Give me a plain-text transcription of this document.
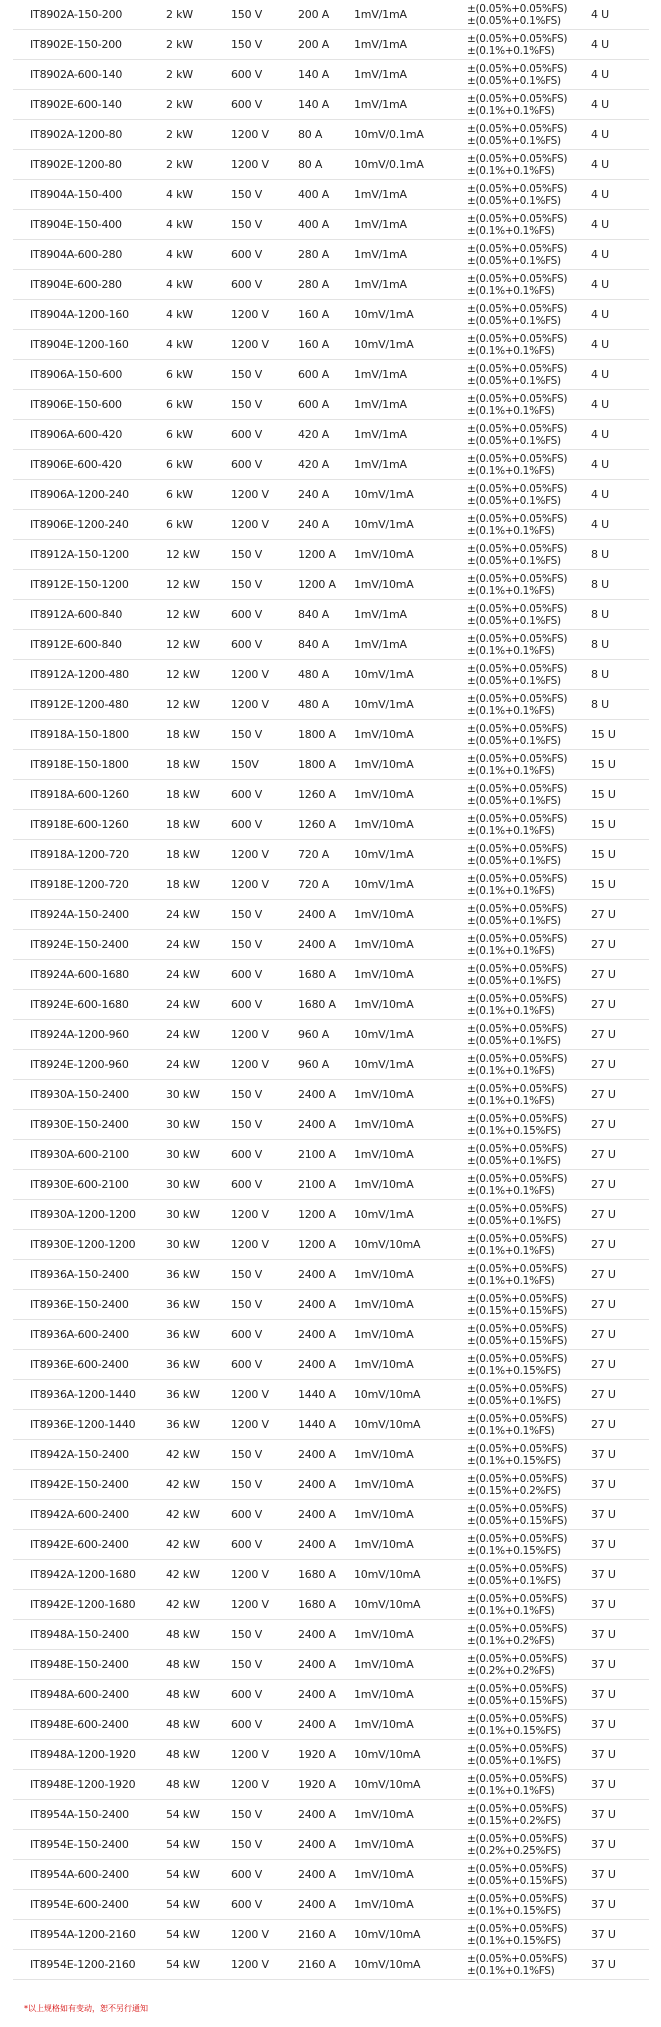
IT8902A-150-200	2 kW	150 V	200 A 1mV/1mA	±(0.05%+0.05%FS)
±(0.05%+0.1%FS)	4 U
IT8902E-150-200	2 kW	150 V	200 A 1mV/1mA	±(0.05%+0.05%FS)
±(0.1%+0.1%FS)	4 U
IT8902A-600-140	2 kW	600 V	140 A 1mV/1mA	±(0.05%+0.05%FS)
±(0.05%+0.1%FS)	4 U
IT8902E-600-140	2 kW	600 V	140 A 1mV/1mA	±(0.05%+0.05%FS)
±(0.1%+0.1%FS)	4 U
IT8902A-1200-80	2 kW	1200 V	80 A	10mV/0.1mA	±(0.05%+0.05%FS)
±(0.05%+0.1%FS)	4 U
IT8902E-1200-80	2 kW	1200 V	80 A	10mV/0.1mA	±(0.05%+0.05%FS)
±(0.1%+0.1%FS)	4 U
IT8904A-150-400	4 kW	150 V	400 A 1mV/1mA	±(0.05%+0.05%FS)
±(0.05%+0.1%FS)	4 U
IT8904E-150-400	4 kW	150 V	400 A 1mV/1mA	±(0.05%+0.05%FS)
±(0.1%+0.1%FS)	4 U
IT8904A-600-280	4 kW	600 V	280 A 1mV/1mA	±(0.05%+0.05%FS)
±(0.05%+0.1%FS)	4 U
IT8904E-600-280	4 kW	600 V	280 A 1mV/1mA	±(0.05%+0.05%FS)
±(0.1%+0.1%FS)	4 U
IT8904A-1200-160	4 kW	1200 V	160 A 10mV/1mA	±(0.05%+0.05%FS)
±(0.05%+0.1%FS)	4 U
IT8904E-1200-160	4 kW	1200 V	160 A 10mV/1mA	±(0.05%+0.05%FS)
±(0.1%+0.1%FS)	4 U
IT8906A-150-600	6 kW	150 V	600 A 1mV/1mA	±(0.05%+0.05%FS)
±(0.05%+0.1%FS)	4 U
IT8906E-150-600	6 kW	150 V	600 A 1mV/1mA	±(0.05%+0.05%FS)
±(0.1%+0.1%FS)	4 U
IT8906A-600-420	6 kW	600 V	420 A 1mV/1mA	±(0.05%+0.05%FS)
±(0.05%+0.1%FS)	4 U
IT8906E-600-420	6 kW	600 V	420 A 1mV/1mA	±(0.05%+0.05%FS)
±(0.1%+0.1%FS)	4 U
IT8906A-1200-240	6 kW	1200 V	240 A 10mV/1mA	±(0.05%+0.05%FS)
±(0.05%+0.1%FS)	4 U
IT8906E-1200-240	6 kW	1200 V	240 A 10mV/1mA	±(0.05%+0.05%FS)
±(0.1%+0.1%FS)	4 U
IT8912A-150-1200	12 kW	150 V	1200 A 1mV/10mA	±(0.05%+0.05%FS)
±(0.05%+0.1%FS)	8 U
IT8912E-150-1200	12 kW	150 V	1200 A 1mV/10mA	±(0.05%+0.05%FS)
±(0.1%+0.1%FS)	8 U
IT8912A-600-840	12 kW	600 V	840 A 1mV/1mA	±(0.05%+0.05%FS)
±(0.05%+0.1%FS)	8 U
IT8912E-600-840	12 kW	600 V	840 A 1mV/1mA	±(0.05%+0.05%FS)
±(0.1%+0.1%FS)	8 U
IT8912A-1200-480	12 kW	1200 V	480 A 10mV/1mA	±(0.05%+0.05%FS)
±(0.05%+0.1%FS)	8 U
IT8912E-1200-480	12 kW	1200 V	480 A 10mV/1mA	±(0.05%+0.05%FS)
±(0.1%+0.1%FS)	8 U
IT8918A-150-1800	18 kW	150 V	1800 A 1mV/10mA	±(0.05%+0.05%FS)
±(0.05%+0.1%FS)	15 U
IT8918E-150-1800	18 kW	150V	1800 A 1mV/10mA	±(0.05%+0.05%FS)
±(0.1%+0.1%FS)	15 U
IT8918A-600-1260	18 kW	600 V	1260 A 1mV/10mA	±(0.05%+0.05%FS)
±(0.05%+0.1%FS)	15 U
IT8918E-600-1260	18 kW	600 V	1260 A 1mV/10mA	±(0.05%+0.05%FS)
±(0.1%+0.1%FS)	15 U
IT8918A-1200-720	18 kW	1200 V	720 A 10mV/1mA	±(0.05%+0.05%FS)
±(0.05%+0.1%FS)	15 U
IT8918E-1200-720	18 kW	1200 V	720 A 10mV/1mA	±(0.05%+0.05%FS)
±(0.1%+0.1%FS)	15 U
IT8924A-150-2400	24 kW	150 V	2400 A 1mV/10mA	±(0.05%+0.05%FS)
±(0.05%+0.1%FS)	27 U
IT8924E-150-2400	24 kW	150 V	2400 A 1mV/10mA	±(0.05%+0.05%FS)
±(0.1%+0.1%FS)	27 U
IT8924A-600-1680	24 kW	600 V	1680 A 1mV/10mA	±(0.05%+0.05%FS)
±(0.05%+0.1%FS)	27 U
IT8924E-600-1680	24 kW	600 V	1680 A 1mV/10mA	±(0.05%+0.05%FS)
±(0.1%+0.1%FS)	27 U
IT8924A-1200-960	24 kW	1200 V	960 A 10mV/1mA	±(0.05%+0.05%FS)
±(0.05%+0.1%FS)	27 U
IT8924E-1200-960	24 kW	1200 V	960 A 10mV/1mA	±(0.05%+0.05%FS)
±(0.1%+0.1%FS)	27 U
IT8930A-150-2400	30 kW	150 V	2400 A 1mV/10mA	±(0.05%+0.05%FS)
±(0.1%+0.1%FS)	27 U
IT8930E-150-2400	30 kW	150 V	2400 A 1mV/10mA	±(0.05%+0.05%FS)
±(0.1%+0.15%FS)	27 U
IT8930A-600-2100	30 kW	600 V	2100 A 1mV/10mA	±(0.05%+0.05%FS)
±(0.05%+0.1%FS)	27 U
IT8930E-600-2100	30 kW	600 V	2100 A 1mV/10mA	±(0.05%+0.05%FS)
±(0.1%+0.1%FS)	27 U
IT8930A-1200-1200	30 kW	1200 V	1200 A 10mV/1mA	±(0.05%+0.05%FS)
±(0.05%+0.1%FS)	27 U
IT8930E-1200-1200	30 kW	1200 V	1200 A 10mV/10mA	±(0.05%+0.05%FS)
±(0.1%+0.1%FS)	27 U
IT8936A-150-2400	36 kW	150 V	2400 A 1mV/10mA	±(0.05%+0.05%FS)
±(0.1%+0.1%FS)	27 U
IT8936E-150-2400	36 kW	150 V	2400 A 1mV/10mA	±(0.05%+0.05%FS)
±(0.15%+0.15%FS) 27 U
IT8936A-600-2400	36 kW	600 V	2400 A 1mV/10mA	±(0.05%+0.05%FS)
±(0.05%+0.15%FS) 27 U
IT8936E-600-2400	36 kW	600 V	2400 A 1mV/10mA	±(0.05%+0.05%FS)
±(0.1%+0.15%FS)	27 U
IT8936A-1200-1440	36 kW	1200 V	1440 A 10mV/10mA	±(0.05%+0.05%FS)
±(0.05%+0.1%FS)	27 U
IT8936E-1200-1440	36 kW	1200 V	1440 A 10mV/10mA	±(0.05%+0.05%FS)
±(0.1%+0.1%FS)	27 U
IT8942A-150-2400	42 kW	150 V	2400 A 1mV/10mA	±(0.05%+0.05%FS)
±(0.1%+0.15%FS)	37 U
IT8942E-150-2400	42 kW	150 V	2400 A 1mV/10mA	±(0.05%+0.05%FS)
±(0.15%+0.2%FS)	37 U
IT8942A-600-2400	42 kW	600 V	2400 A 1mV/10mA	±(0.05%+0.05%FS)
±(0.05%+0.15%FS) 37 U
IT8942E-600-2400	42 kW	600 V	2400 A 1mV/10mA	±(0.05%+0.05%FS)
±(0.1%+0.15%FS)	37 U
IT8942A-1200-1680	42 kW	1200 V	1680 A 10mV/10mA	±(0.05%+0.05%FS)
±(0.05%+0.1%FS)	37 U
IT8942E-1200-1680	42 kW	1200 V	1680 A 10mV/10mA	±(0.05%+0.05%FS)
±(0.1%+0.1%FS)	37 U
IT8948A-150-2400	48 kW	150 V	2400 A 1mV/10mA	±(0.05%+0.05%FS)
±(0.1%+0.2%FS)	37 U
IT8948E-150-2400	48 kW	150 V	2400 A 1mV/10mA	±(0.05%+0.05%FS)
±(0.2%+0.2%FS)	37 U
IT8948A-600-2400	48 kW	600 V	2400 A 1mV/10mA	±(0.05%+0.05%FS)
±(0.05%+0.15%FS) 37 U
IT8948E-600-2400	48 kW	600 V	2400 A 1mV/10mA	±(0.05%+0.05%FS)
±(0.1%+0.15%FS)	37 U
IT8948A-1200-1920	48 kW	1200 V	1920 A 10mV/10mA	±(0.05%+0.05%FS)
±(0.05%+0.1%FS)	37 U
IT8948E-1200-1920	48 kW	1200 V	1920 A 10mV/10mA	±(0.05%+0.05%FS)
±(0.1%+0.1%FS)	37 U
IT8954A-150-2400	54 kW	150 V	2400 A 1mV/10mA	±(0.05%+0.05%FS)
±(0.15%+0.2%FS)	37 U
IT8954E-150-2400	54 kW	150 V	2400 A 1mV/10mA	±(0.05%+0.05%FS)
±(0.2%+0.25%FS)	37 U
IT8954A-600-2400	54 kW	600 V	2400 A 1mV/10mA	±(0.05%+0.05%FS)
±(0.05%+0.15%FS) 37 U
IT8954E-600-2400	54 kW	600 V	2400 A 1mV/10mA	±(0.05%+0.05%FS)
±(0.1%+0.15%FS)	37 U
IT8954A-1200-2160	54 kW	1200 V	2160 A 10mV/10mA	±(0.05%+0.05%FS)
±(0.1%+0.15%FS)	37 U
IT8954E-1200-2160	54 kW	1200 V	2160 A 10mV/10mA	±(0.05%+0.05%FS)
±(0.1%+0.1%FS)	37 U
*以上规格如有变动，恕不另行通知
